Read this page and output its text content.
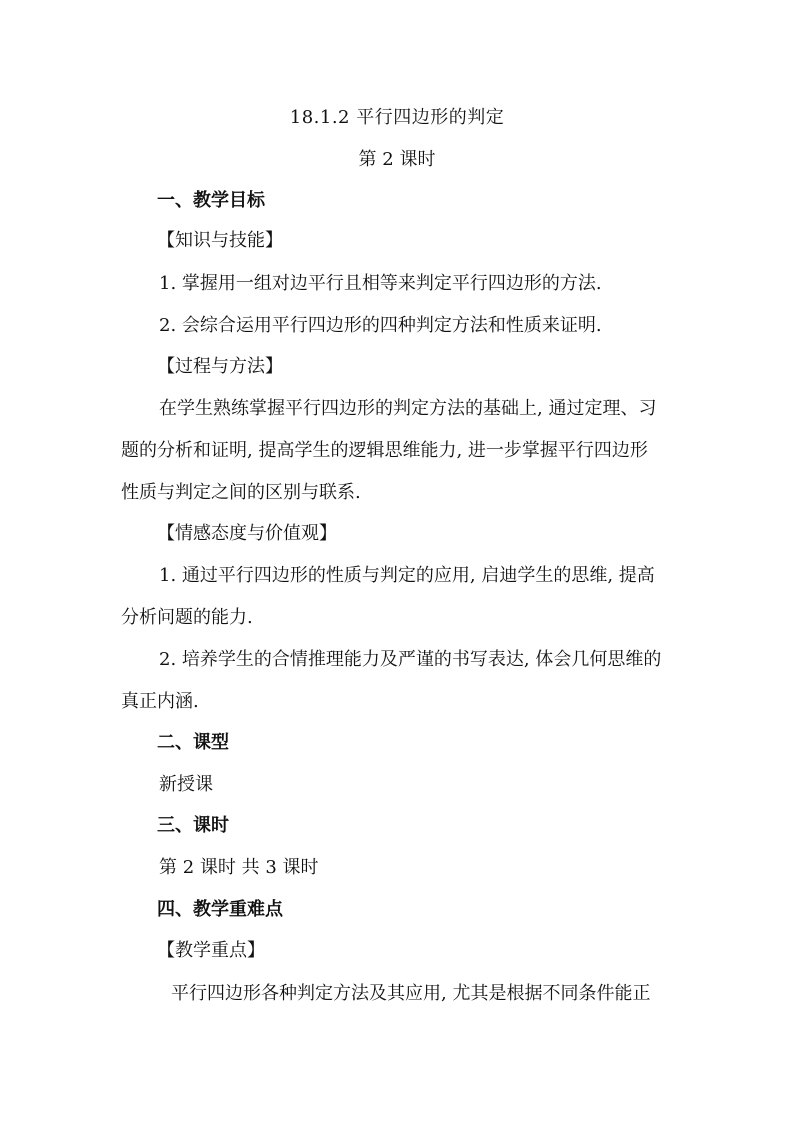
18.1.2 平行四边形的判定
第 2 课时
一、教学目标
【知识与技能】
1. 掌握用一组对边平行且相等来判定平行四边形的方法.
2. 会综合运用平行四边形的四种判定方法和性质来证明.
【过程与方法】
在学生熟练掌握平行四边形的判定方法的基础上, 通过定理、习
题的分析和证明, 提高学生的逻辑思维能力, 进一步掌握平行四边形
性质与判定之间的区别与联系.
【情感态度与价值观】
1. 通过平行四边形的性质与判定的应用, 启迪学生的思维, 提高
分析问题的能力.
2. 培养学生的合情推理能力及严谨的书写表达, 体会几何思维的
真正内涵.
二、课型
新授课
三、课时
第 2 课时 共 3 课时
四、教学重难点
【教学重点】
平行四边形各种判定方法及其应用, 尤其是根据不同条件能正
